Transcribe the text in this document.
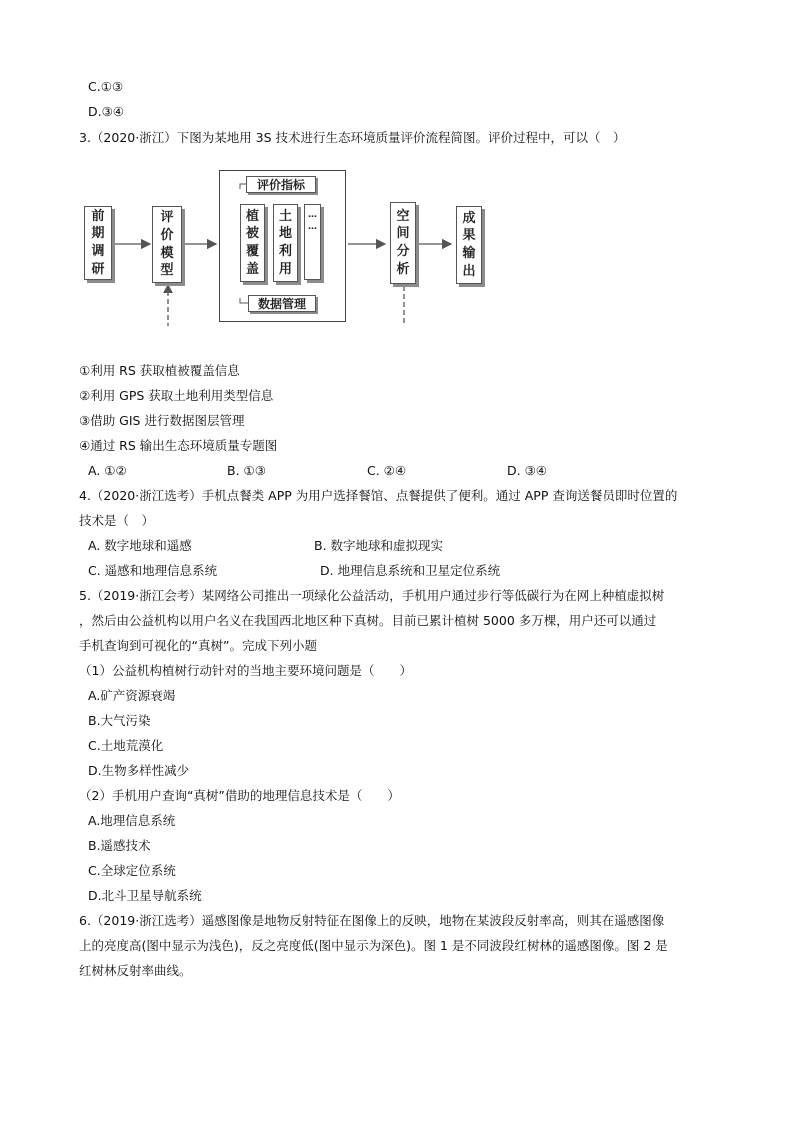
C.①③
D.③④
3.（2020·浙江）下图为某地用 3S 技术进行生态环境质量评价流程简图。评价过程中，可以（　）
前
期
调
研
评
价
模
型
评价指标
植
被
覆
盖
土
地
利
用
…
…
数据管理
空
间
分
析
成
果
输
出
①利用 RS 获取植被覆盖信息
②利用 GPS 获取土地利用类型信息
③借助 GIS 进行数据图层管理
④通过 RS 输出生态环境质量专题图
A. ①②	B. ①③	C. ②④	D. ③④
4.（2020·浙江选考）手机点餐类 APP 为用户选择餐馆、点餐提供了便利。通过 APP 查询送餐员即时位置的
技术是（　）
A. 数字地球和遥感	B. 数字地球和虚拟现实
C. 遥感和地理信息系统	D. 地理信息系统和卫星定位系统
5.（2019·浙江会考）某网络公司推出一项绿化公益活动，手机用户通过步行等低碳行为在网上种植虚拟树
，然后由公益机构以用户名义在我国西北地区种下真树。目前已累计植树 5000 多万棵，用户还可以通过
手机查询到可视化的“真树”。完成下列小题
（1）公益机构植树行动针对的当地主要环境问题是（　　）
A.矿产资源衰竭
B.大气污染
C.土地荒漠化
D.生物多样性减少
（2）手机用户查询“真树”借助的地理信息技术是（　　）
A.地理信息系统
B.遥感技术
C.全球定位系统
D.北斗卫星导航系统
6.（2019·浙江选考）遥感图像是地物反射特征在图像上的反映，地物在某波段反射率高，则其在遥感图像
上的亮度高(图中显示为浅色)，反之亮度低(图中显示为深色)。图 1 是不同波段红树林的遥感图像。图 2 是
红树林反射率曲线。
